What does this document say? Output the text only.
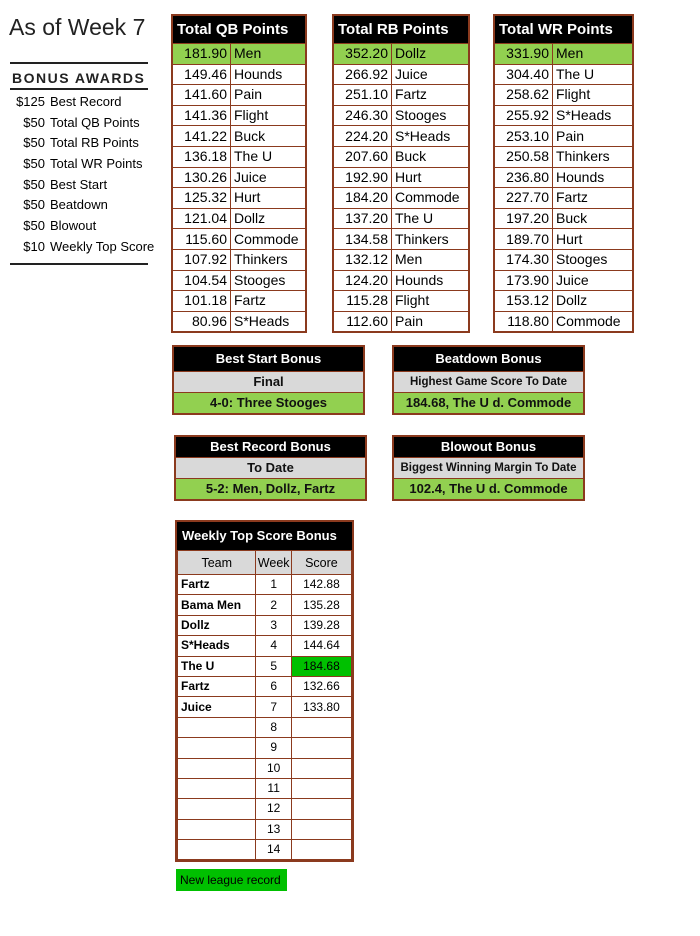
As of Week 7
BONUS AWARDS
$125 Best Record
$50 Total QB Points
$50 Total RB Points
$50 Total WR Points
$50 Best Start
$50 Beatdown
$50 Blowout
$10 Weekly Top Score
Total QB Points	
181.90	Men
149.46	Hounds
141.60	Pain
141.36	Flight
141.22	Buck
136.18	The U
130.26	Juice
125.32	Hurt
121.04	Dollz
115.60	Commode
107.92	Thinkers
104.54	Stooges
101.18	Fartz
80.96	S*Heads
Total RB Points	
352.20	Dollz
266.92	Juice
251.10	Fartz
246.30	Stooges
224.20	S*Heads
207.60	Buck
192.90	Hurt
184.20	Commode
137.20	The U
134.58	Thinkers
132.12	Men
124.20	Hounds
115.28	Flight
112.60	Pain
Total WR Points	
331.90	Men
304.40	The U
258.62	Flight
255.92	S*Heads
253.10	Pain
250.58	Thinkers
236.80	Hounds
227.70	Fartz
197.20	Buck
189.70	Hurt
174.30	Stooges
173.90	Juice
153.12	Dollz
118.80	Commode
Best Start Bonus
Final
4-0: Three Stooges
Beatdown Bonus
Highest Game Score To Date
184.68, The U d. Commode
Best Record Bonus
To Date
5-2: Men, Dollz, Fartz
Blowout Bonus
Biggest Winning Margin To Date
102.4, The U d. Commode
Weekly Top Score Bonus
Team	Week	Score
Fartz	1	142.88
Bama Men	2	135.28
Dollz	3	139.28
S*Heads	4	144.64
The U	5	184.68
Fartz	6	132.66
Juice	7	133.80
	8	
	9	
	10	
	11	
	12	
	13	
	14	
New league record
